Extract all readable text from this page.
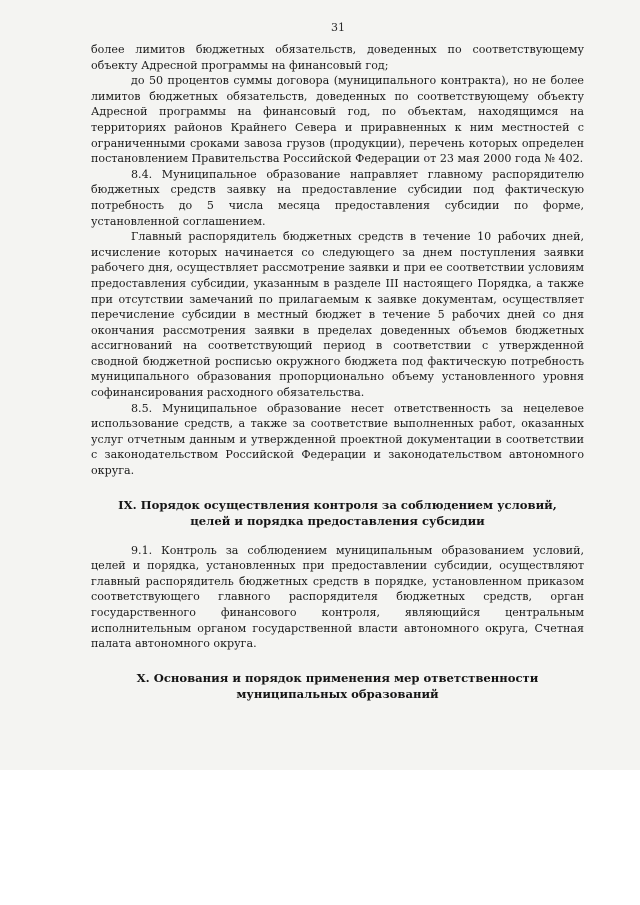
31

более лимитов бюджетных обязательств, доведенных по соответствующему объекту Адресной программы на финансовый год;

до 50 процентов суммы договора (муниципального контракта), но не более лимитов бюджетных обязательств, доведенных по соответствующему объекту Адресной программы на финансовый год, по объектам, находящимся на территориях районов Крайнего Севера и приравненных к ним местностей с ограниченными сроками завоза грузов (продукции), перечень которых определен постановлением Правительства Российской Федерации от 23 мая 2000 года № 402.

8.4. Муниципальное образование направляет главному распорядителю бюджетных средств заявку на предоставление субсидии под фактическую потребность до 5 числа месяца предоставления субсидии по форме, установленной соглашением.

Главный распорядитель бюджетных средств в течение 10 рабочих дней, исчисление которых начинается со следующего за днем поступления заявки рабочего дня, осуществляет рассмотрение заявки и при ее соответствии условиям предоставления субсидии, указанным в разделе III настоящего Порядка, а также при отсутствии замечаний по прилагаемым к заявке документам, осуществляет перечисление субсидии в местный бюджет в течение 5 рабочих дней со дня окончания рассмотрения заявки в пределах доведенных объемов бюджетных ассигнований на соответствующий период в соответствии с утвержденной сводной бюджетной росписью окружного бюджета под фактическую потребность муниципального образования пропорционально объему установленного уровня софинансирования расходного обязательства.

8.5. Муниципальное образование несет ответственность за нецелевое использование средств, а также за соответствие выполненных работ, оказанных услуг отчетным данным и утвержденной проектной документации в соответствии с законодательством Российской Федерации и законодательством автономного округа.

IX. Порядок осуществления контроля за соблюдением условий,
целей и порядка предоставления субсидии

9.1. Контроль за соблюдением муниципальным образованием условий, целей и порядка, установленных при предоставлении субсидии, осуществляют главный распорядитель бюджетных средств в порядке, установленном приказом соответствующего главного распорядителя бюджетных средств, орган государственного финансового контроля, являющийся центральным исполнительным органом государственной власти автономного округа, Счетная палата автономного округа.

X. Основания и порядок применения мер ответственности
муниципальных образований
